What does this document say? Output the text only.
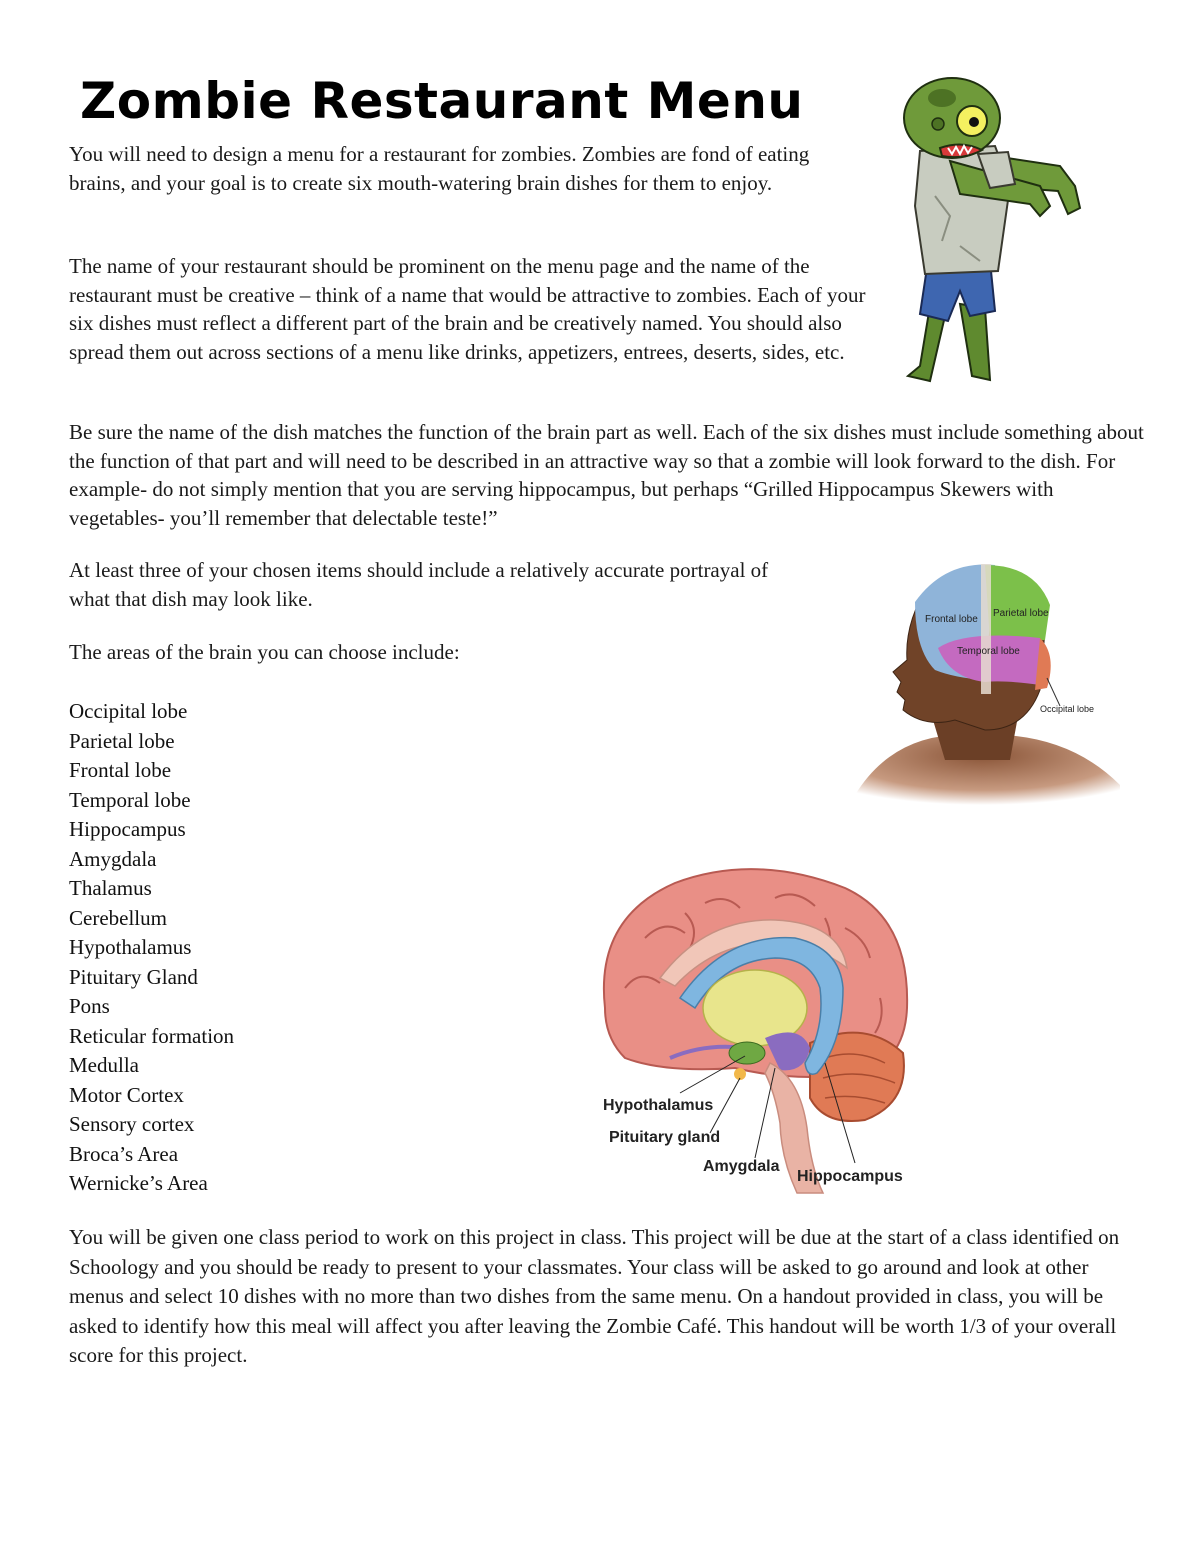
Zombie Restaurant Menu

You will need to design a menu for a restaurant for zombies. Zombies are fond of eating brains, and your goal is to create six mouth-watering brain dishes for them to enjoy.

The name of your restaurant should be prominent on the menu page and the name of the restaurant must be creative – think of a name that would be attractive to zombies. Each of your six dishes must reflect a different part of the brain and be creatively named. You should also spread them out across sections of a menu like drinks, appetizers, entrees, deserts, sides, etc.

Be sure the name of the dish matches the function of the brain part as well. Each of the six dishes must include something about the function of that part and will need to be described in an attractive way so that a zombie will look forward to the dish. For example- do not simply mention that you are serving hippocampus, but perhaps “Grilled Hippocampus Skewers with vegetables- you’ll remember that delectable teste!”

At least three of your chosen items should include a relatively accurate portrayal of what that dish may look like.

The areas of the brain you can choose include:

Occipital lobe
Parietal lobe
Frontal lobe
Temporal lobe
Hippocampus
Amygdala
Thalamus
Cerebellum
Hypothalamus
Pituitary Gland
Pons
Reticular formation
Medulla
Motor Cortex
Sensory cortex
Broca’s Area
Wernicke’s Area

You will be given one class period to work on this project in class. This project will be due at the start of a class identified on Schoology and you should be ready to present to your classmates. Your class will be asked to go around and look at other menus and select 10 dishes with no more than two dishes from the same menu. On a handout provided in class, you will be asked to identify how this meal will affect you after leaving the Zombie Café. This handout will be worth 1/3 of your overall score for this project.

Frontal lobe
Parietal lobe
Temporal lobe
Occipital lobe
Hypothalamus
Pituitary gland
Amygdala
Hippocampus
